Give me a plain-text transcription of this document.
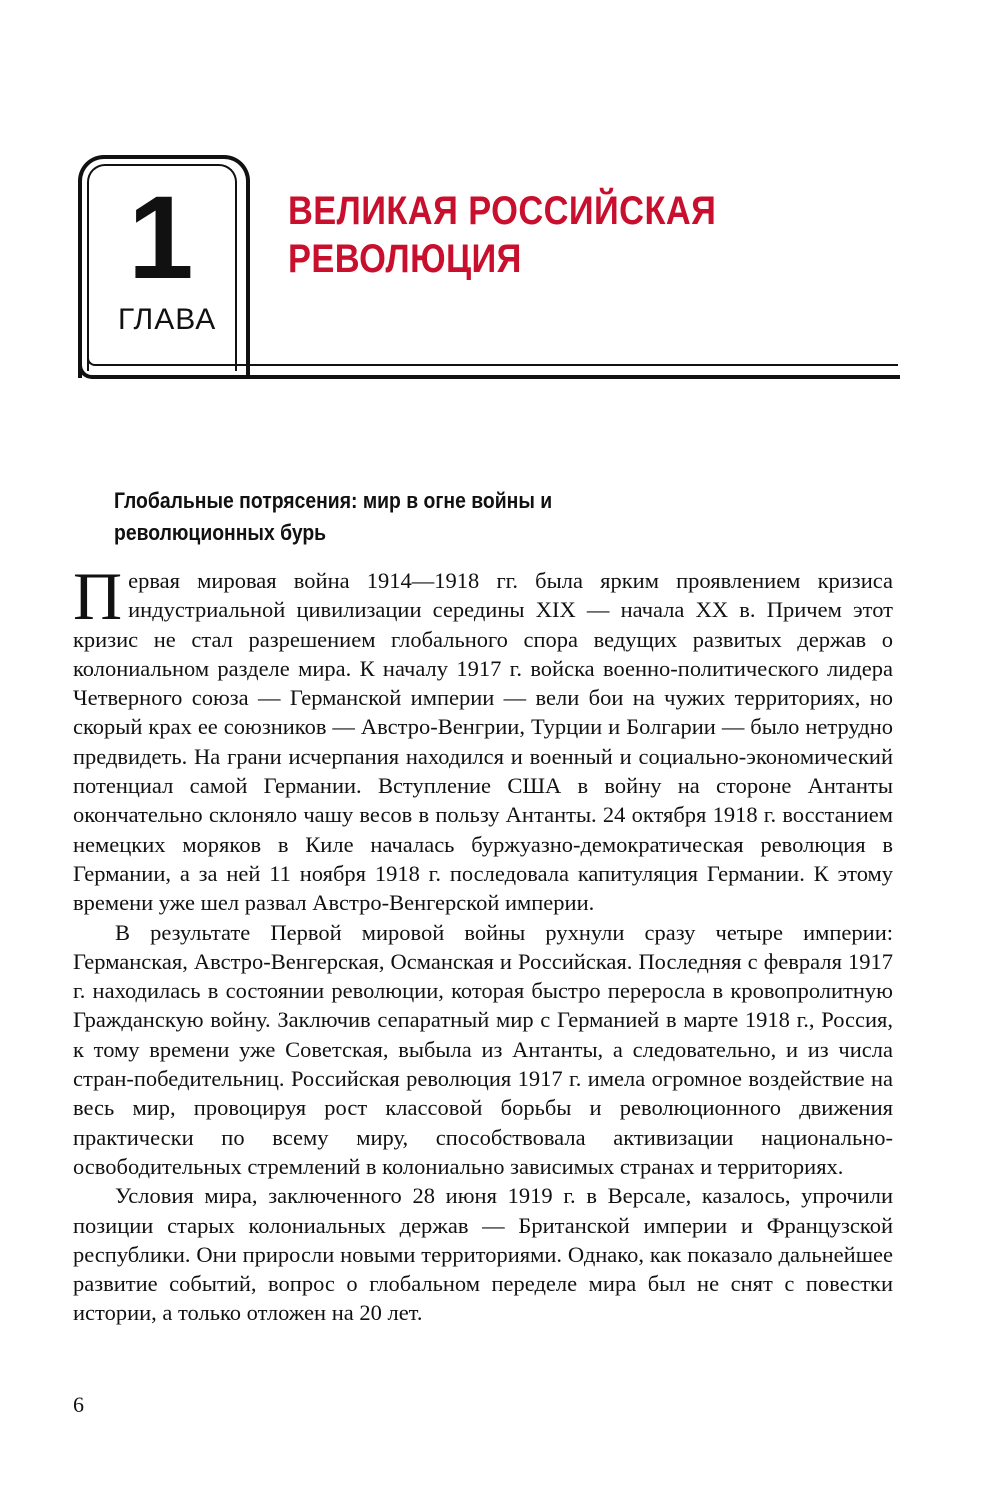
1
ГЛАВА
ВЕЛИКАЯ РОССИЙСКАЯ РЕВОЛЮЦИЯ
Глобальные потрясения: мир в огне войны и революционных бурь

Первая мировая война 1914—1918 гг. была ярким проявлением кризиса индустриальной цивилизации середины XIX — начала XX в. Причем этот кризис не стал разрешением глобального спора ведущих развитых держав о колониальном разделе мира. К началу 1917 г. войска военно-политического лидера Четверного союза — Германской империи — вели бои на чужих территориях, но скорый крах ее союзников — Австро-Венгрии, Турции и Болгарии — было нетрудно предвидеть. На грани исчерпания находился и военный и социально-экономический потенциал самой Германии. Вступление США в войну на стороне Антанты окончательно склоняло чашу весов в пользу Антанты. 24 октября 1918 г. восстанием немецких моряков в Киле началась буржуазно-демократическая революция в Германии, а за ней 11 ноября 1918 г. последовала капитуляция Германии. К этому времени уже шел развал Австро-Венгерской империи.

В результате Первой мировой войны рухнули сразу четыре империи: Германская, Австро-Венгерская, Османская и Российская. Последняя с февраля 1917 г. находилась в состоянии революции, которая быстро переросла в кровопролитную Гражданскую войну. Заключив сепаратный мир с Германией в марте 1918 г., Россия, к тому времени уже Советская, выбыла из Антанты, а следовательно, и из числа стран-победительниц. Российская революция 1917 г. имела огромное воздействие на весь мир, провоцируя рост классовой борьбы и революционного движения практически по всему миру, способствовала активизации национально-освободительных стремлений в колониально зависимых странах и территориях.

Условия мира, заключенного 28 июня 1919 г. в Версале, казалось, упрочили позиции старых колониальных держав — Британской империи и Французской республики. Они приросли новыми территориями. Однако, как показало дальнейшее развитие событий, вопрос о глобальном переделе мира был не снят с повестки истории, а только отложен на 20 лет.

6
